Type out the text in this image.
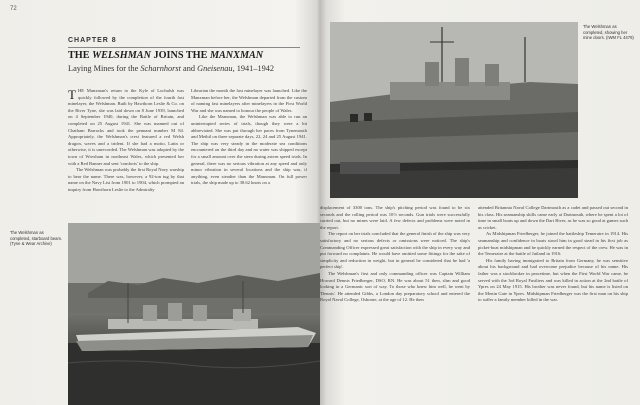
72
CHAPTER 8
THE WELSHMAN JOINS THE MANXMAN
Laying Mines for the Scharnhorst and Gneisenau, 1941–1942

THE Manxman's return to the Kyle of Lochalsh was quickly followed by the completion of the fourth fast minelayer, the Welshman. Built by Hawthorn Leslie & Co. on the River Tyne, she was laid down on 8 June 1939, launched on 4 September 1940, during the Battle of Britain, and completed on 25 August 1941. She was manned out of Chatham Barracks and took the pennant number M 84. Appropriately, the Welshman's crest featured a red Welsh dragon, waves and a trident. If she had a motto, Latin or otherwise, it is unrecorded. The Welshman was adopted by the town of Wrexham in northeast Wales, which presented her with a Red Banner and sent 'comforts' to the ship.

The Welshman was probably the first Royal Navy warship to bear the name. There was, however, a 92-ton tug by that name on the Navy List from 1901 to 1904, which prompted an inquiry from Hawthorn Leslie to the Admiralty

Librarian the month the fast minelayer was launched. Like the Manxman before her, the Welshman departed from the custom of naming fast minelayers after minelayers in the First World War and she was named to honour the people of Wales.

Like the Manxman, the Welshman was able to run an uninterrupted series of trials, though they were a bit abbreviated. She was put through her paces from Tynemouth and Methil on three separate days, 22, 24 and 25 August 1941. The ship was very steady in the moderate sea conditions encountered on the third day and no water was shipped except for a small amount over the stern during astern speed trials. In general, there was no serious vibration at any speed and only minor vibration in several locations and the ship was, if anything, even steadier than the Manxman. On full power trials, the ship made up to 38.62 knots on a

The Welshman as completed, starboard beam. (Tyne & Wear Archive)
The Welshman as completed, showing her mine doors. (IWM FL 4479)

displacement of 3300 tons. The ship's pitching period was found to be six seconds and the rolling period was 10½ seconds. Gun trials were successfully carried out, but no mines were laid. A few defects and problems were noted in the report.

The report on her trials concluded that the general finish of the ship was very satisfactory and no serious defects or omissions were noticed. The ship's Commanding Officer expressed great satisfaction with the ship in every way and put forward no complaints. He would have omitted some fittings for the sake of simplicity and reduction in weight, but in general he considered that he had 'a perfect ship'.

The Welshman's first and only commanding officer was Captain William Howard Dennis Friedberger, DSO, RN. He was about 51 then, slim and good looking in a Germanic sort of way. To those who knew him well, he went by 'Dennis'. He attended Gibbs, a London day preparatory school and entered the Royal Naval College, Osborne, at the age of 12. He then

attended Britannia Naval College Dartmouth as a cadet and passed out second in his class. His seamanship skills came early at Dartmouth, where he spent a lot of time in small boats up and down the Dart River, as he was so good at games such as cricket.

As Midshipman Friedberger, he joined the battleship Temeraire in 1914. His seamanship and confidence in boats stood him in good stead in his first job as picket-boat midshipman and he quickly earned the respect of the crew. He was in the Temeraire at the battle of Jutland in 1916.

His family having immigrated to Britain from Germany, he was sensitive about his background and had overcome prejudice because of his name. His father was a stockbroker in peacetime, but when the First World War came, he served with the 3rd Royal Fusiliers and was killed in action at the 2nd battle of Ypres on 24 May 1915. His brother was never found, but his name is listed on the Menin Gate in Ypres. Midshipman Friedberger was the first man on his ship to suffer a family member killed in the war.
